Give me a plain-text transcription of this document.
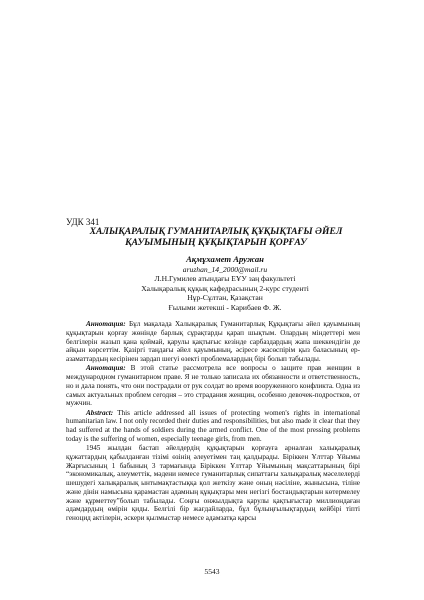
УДК 341
ХАЛЫҚАРАЛЫҚ ГУМАНИТАРЛЫҚ ҚҰҚЫҚТАҒЫ ӘЙЕЛ ҚАУЫМЫНЫҢ ҚҰҚЫҚТАРЫН ҚОРҒАУ
Ақмұхамет Аружан
aruzhan_14_2000@mail.ru
Л.Н.Гумилев атындағы ЕҰУ заң факультеті
Халықаралық құқық кафедрасының 2-курс студенті
Нұр-Сұлтан, Қазақстан
Ғылыми жетекші - Карибаев Ф. Ж.

Аннотация: Бұл мақалада Халықаралық Гуманитарлық Құқықтағы әйел қауымының құқықтарын қорғау жөнінде барлық сұрақтарды қарап шықтым. Олардың міндеттері мен белгілерін жазып қана қоймай, қарулы қақтығыс кезінде сарбаздардың жапа шеккендігін де айқын көрсеттім. Қазіргі таңдағы әйел қауымының, әсіресе жасөспірім қыз баласының ер-азаматтардың кесірінен зардап шегуі өзекті проблемалардың бірі болып табылады.

Аннотация: В этой статье рассмотрела все вопросы о защите прав женщин в международном гуманитарном праве. Я не только записала их обязанности и ответственность, но и дала понять, что они пострадали от рук солдат во время вооруженного конфликта. Одна из самых актуальных проблем сегодня – это страдания женщин, особенно девочек-подростков, от мужчин.

Abstract: This article addressed all issues of protecting women's rights in international humanitarian law. I not only recorded their duties and responsibilities, but also made it clear that they had suffered at the hands of soldiers during the armed conflict. One of the most pressing problems today is the suffering of women, especially teenage girls, from men.

1945 жылдан бастап әйелдердің құқықтарын қорғауға арналған халықаралық құжаттардың қабылданған тізімі өзінің әлеуетімен таң қалдырады. Біріккен Ұлттар Ұйымы Жарғысының 1 бабының 3 тармағында Біріккен Ұлттар Ұйымының мақсаттарының бірі “экономикалық, әлеуметтік, мәдени немесе гуманитарлық сипаттағы халықаралық мәселелерді шешудегі халықаралық ынтымақтастыққа қол жеткізу және оның нәсіліне, жынысына, тіліне және дінін намысына қарамастан адамның құқықтары мен негізгі бостандықтарын көтермелеу және құрметтеу”болып табылады. Соңғы онжылдықта қарулы қақтығыстар миллиондаған адамдардың өмірін қиды. Белгілі бір жағдайларда, бұл бұлыңғылықтардың кейбірі тіпті геноцид актілерін, әскери қылмыстар немесе адамзатқа қарсы

5543
